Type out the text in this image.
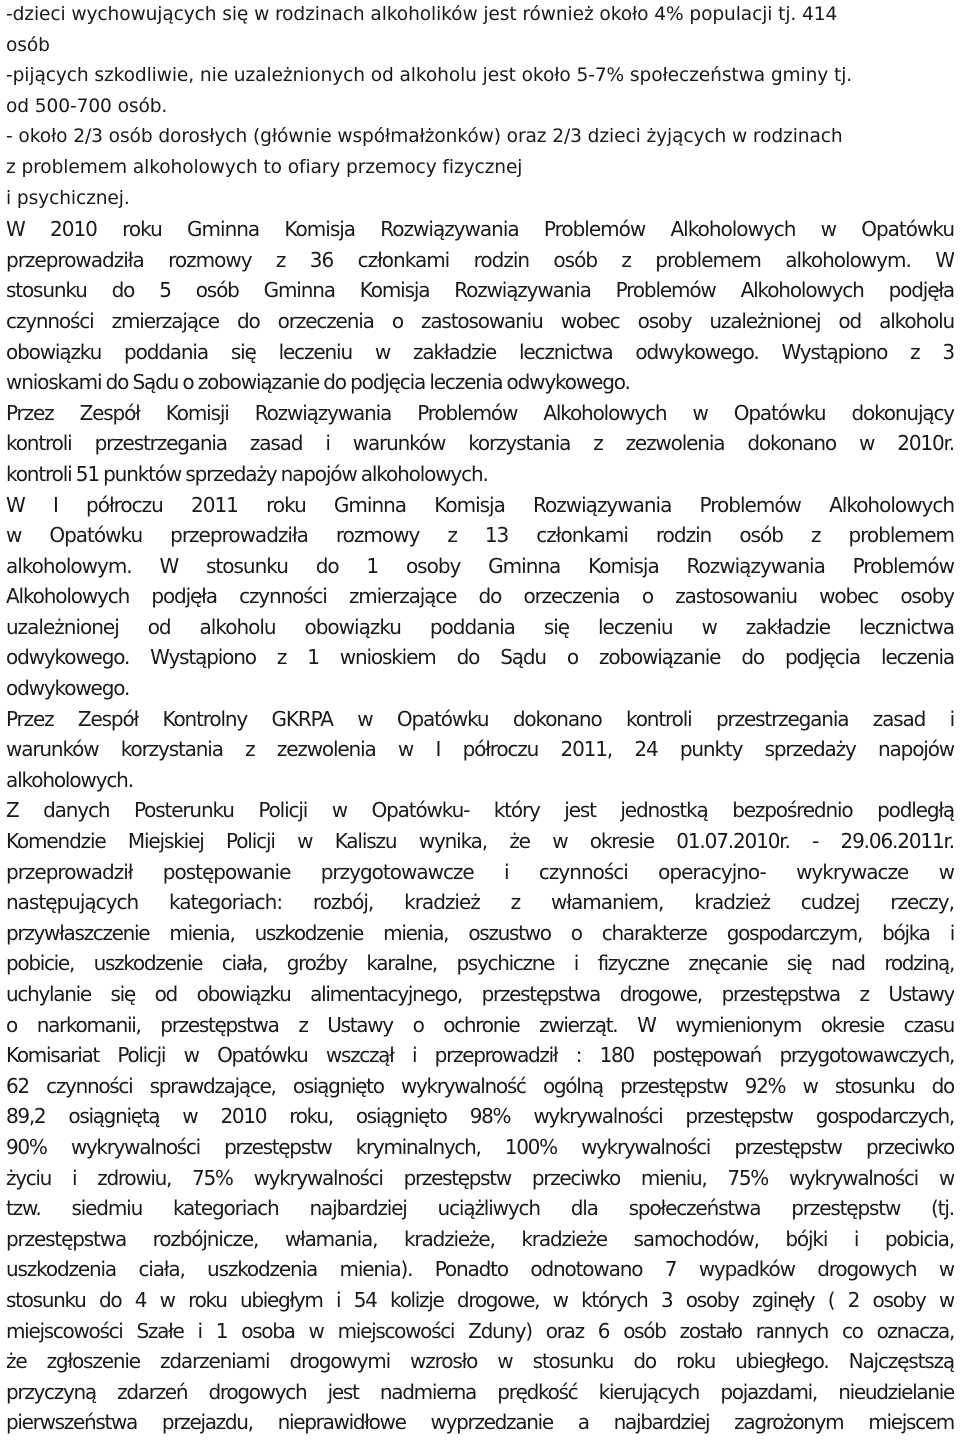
-dzieci wychowujących się w rodzinach alkoholików jest również około 4% populacji tj. 414
osób
-pijących szkodliwie, nie uzależnionych od alkoholu jest około 5-7% społeczeństwa gminy tj.
od 500-700 osób.
- około 2/3 osób dorosłych (głównie współmałżonków) oraz 2/3 dzieci żyjących w rodzinach
z problemem alkoholowych to ofiary przemocy fizycznej
i psychicznej.
W 2010 roku Gminna Komisja Rozwiązywania Problemów Alkoholowych w Opatówku
przeprowadziła rozmowy z 36 członkami rodzin osób z problemem alkoholowym. W
stosunku do 5 osób Gminna Komisja Rozwiązywania Problemów Alkoholowych podjęła
czynności zmierzające do orzeczenia o zastosowaniu wobec osoby uzależnionej od alkoholu
obowiązku poddania się leczeniu w zakładzie lecznictwa odwykowego. Wystąpiono z 3
wnioskami do Sądu o zobowiązanie do podjęcia leczenia odwykowego.
Przez Zespół Komisji Rozwiązywania Problemów Alkoholowych w Opatówku dokonujący
kontroli przestrzegania zasad i warunków korzystania z zezwolenia dokonano w 2010r.
kontroli 51 punktów sprzedaży napojów alkoholowych.
W I półroczu 2011 roku Gminna Komisja Rozwiązywania Problemów Alkoholowych
w Opatówku przeprowadziła rozmowy z 13 członkami rodzin osób z problemem
alkoholowym. W stosunku do 1 osoby Gminna Komisja Rozwiązywania Problemów
Alkoholowych podjęła czynności zmierzające do orzeczenia o zastosowaniu wobec osoby
uzależnionej od alkoholu obowiązku poddania się leczeniu w zakładzie lecznictwa
odwykowego. Wystąpiono z 1 wnioskiem do Sądu o zobowiązanie do podjęcia leczenia
odwykowego.
Przez Zespół Kontrolny GKRPA w Opatówku dokonano kontroli przestrzegania zasad i
warunków korzystania z zezwolenia w I półroczu 2011, 24 punkty sprzedaży napojów
alkoholowych.
Z danych Posterunku Policji w Opatówku- który jest jednostką bezpośrednio podległą
Komendzie Miejskiej Policji w Kaliszu wynika, że w okresie 01.07.2010r. - 29.06.2011r.
przeprowadził postępowanie przygotowawcze i czynności operacyjno- wykrywacze w
następujących kategoriach: rozbój, kradzież z włamaniem, kradzież cudzej rzeczy,
przywłaszczenie mienia, uszkodzenie mienia, oszustwo o charakterze gospodarczym, bójka i
pobicie, uszkodzenie ciała, groźby karalne, psychiczne i fizyczne znęcanie się nad rodziną,
uchylanie się od obowiązku alimentacyjnego, przestępstwa drogowe, przestępstwa z Ustawy
o narkomanii, przestępstwa z Ustawy o ochronie zwierząt. W wymienionym okresie czasu
Komisariat Policji w Opatówku wszczął i przeprowadził : 180 postępowań przygotowawczych,
62 czynności sprawdzające, osiągnięto wykrywalność ogólną przestępstw 92% w stosunku do
89,2 osiągniętą w 2010 roku, osiągnięto 98% wykrywalności przestępstw gospodarczych,
90% wykrywalności przestępstw kryminalnych, 100% wykrywalności przestępstw przeciwko
życiu i zdrowiu, 75% wykrywalności przestępstw przeciwko mieniu, 75% wykrywalności w
tzw. siedmiu kategoriach najbardziej uciążliwych dla społeczeństwa przestępstw (tj.
przestępstwa rozbójnicze, włamania, kradzieże, kradzieże samochodów, bójki i pobicia,
uszkodzenia ciała, uszkodzenia mienia). Ponadto odnotowano 7 wypadków drogowych w
stosunku do 4 w roku ubiegłym i 54 kolizje drogowe, w których 3 osoby zginęły ( 2 osoby w
miejscowości Szałe i 1 osoba w miejscowości Zduny) oraz 6 osób zostało rannych co oznacza,
że zgłoszenie zdarzeniami drogowymi wzrosło w stosunku do roku ubiegłego. Najczęstszą
przyczyną zdarzeń drogowych jest nadmierna prędkość kierujących pojazdami, nieudzielanie
pierwszeństwa przejazdu, nieprawidłowe wyprzedzanie a najbardziej zagrożonym miejscem
